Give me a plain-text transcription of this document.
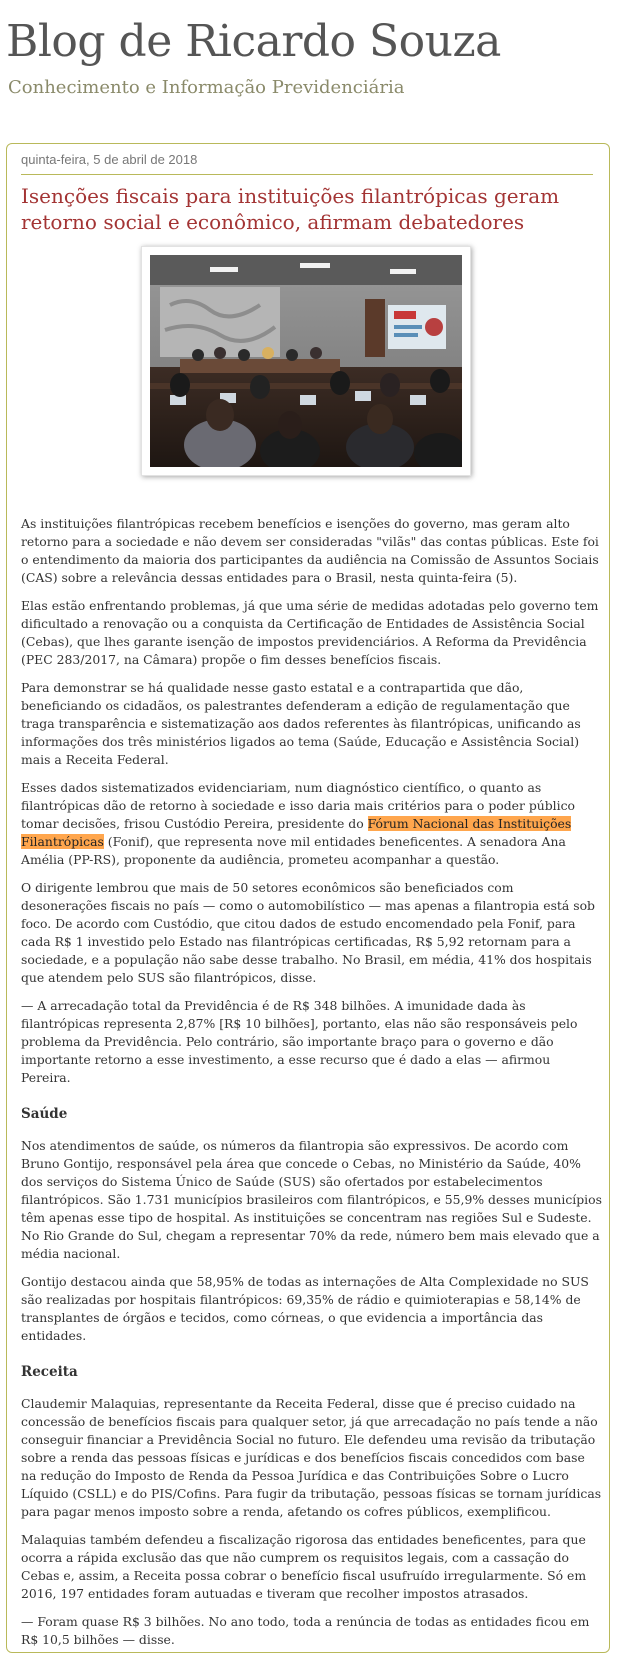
Blog de Ricardo Souza
Conhecimento e Informação Previdenciária
quinta-feira, 5 de abril de 2018
Isenções fiscais para instituições filantrópicas geram retorno social e econômico, afirmam debatedores

As instituições filantrópicas recebem benefícios e isenções do governo, mas geram alto retorno para a sociedade e não devem ser consideradas "vilãs" das contas públicas. Este foi o entendimento da maioria dos participantes da audiência na Comissão de Assuntos Sociais (CAS) sobre a relevância dessas entidades para o Brasil, nesta quinta-feira (5).

Elas estão enfrentando problemas, já que uma série de medidas adotadas pelo governo tem dificultado a renovação ou a conquista da Certificação de Entidades de Assistência Social (Cebas), que lhes garante isenção de impostos previdenciários. A Reforma da Previdência (PEC 283/2017, na Câmara) propõe o fim desses benefícios fiscais.

Para demonstrar se há qualidade nesse gasto estatal e a contrapartida que dão, beneficiando os cidadãos, os palestrantes defenderam a edição de regulamentação que traga transparência e sistematização aos dados referentes às filantrópicas, unificando as informações dos três ministérios ligados ao tema (Saúde, Educação e Assistência Social) mais a Receita Federal.

Esses dados sistematizados evidenciariam, num diagnóstico científico, o quanto as filantrópicas dão de retorno à sociedade e isso daria mais critérios para o poder público tomar decisões, frisou Custódio Pereira, presidente do Fórum Nacional das Instituições Filantrópicas (Fonif), que representa nove mil entidades beneficentes. A senadora Ana Amélia (PP-RS), proponente da audiência, prometeu acompanhar a questão.

O dirigente lembrou que mais de 50 setores econômicos são beneficiados com desonerações fiscais no país — como o automobilístico — mas apenas a filantropia está sob foco. De acordo com Custódio, que citou dados de estudo encomendado pela Fonif, para cada R$ 1 investido pelo Estado nas filantrópicas certificadas, R$ 5,92 retornam para a sociedade, e a população não sabe desse trabalho. No Brasil, em média, 41% dos hospitais que atendem pelo SUS são filantrópicos, disse.

— A arrecadação total da Previdência é de R$ 348 bilhões. A imunidade dada às filantrópicas representa 2,87% [R$ 10 bilhões], portanto, elas não são responsáveis pelo problema da Previdência. Pelo contrário, são importante braço para o governo e dão importante retorno a esse investimento, a esse recurso que é dado a elas — afirmou Pereira.

Saúde

Nos atendimentos de saúde, os números da filantropia são expressivos. De acordo com Bruno Gontijo, responsável pela área que concede o Cebas, no Ministério da Saúde, 40% dos serviços do Sistema Único de Saúde (SUS) são ofertados por estabelecimentos filantrópicos. São 1.731 municípios brasileiros com filantrópicos, e 55,9% desses municípios têm apenas esse tipo de hospital. As instituições se concentram nas regiões Sul e Sudeste. No Rio Grande do Sul, chegam a representar 70% da rede, número bem mais elevado que a média nacional.

Gontijo destacou ainda que 58,95% de todas as internações de Alta Complexidade no SUS são realizadas por hospitais filantrópicos: 69,35% de rádio e quimioterapias e 58,14% de transplantes de órgãos e tecidos, como córneas, o que evidencia a importância das entidades.

Receita

Claudemir Malaquias, representante da Receita Federal, disse que é preciso cuidado na concessão de benefícios fiscais para qualquer setor, já que arrecadação no país tende a não conseguir financiar a Previdência Social no futuro. Ele defendeu uma revisão da tributação sobre a renda das pessoas físicas e jurídicas e dos benefícios fiscais concedidos com base na redução do Imposto de Renda da Pessoa Jurídica e das Contribuições Sobre o Lucro Líquido (CSLL) e do PIS/Cofins. Para fugir da tributação, pessoas físicas se tornam jurídicas para pagar menos imposto sobre a renda, afetando os cofres públicos, exemplificou.

Malaquias também defendeu a fiscalização rigorosa das entidades beneficentes, para que ocorra a rápida exclusão das que não cumprem os requisitos legais, com a cassação do Cebas e, assim, a Receita possa cobrar o benefício fiscal usufruído irregularmente. Só em 2016, 197 entidades foram autuadas e tiveram que recolher impostos atrasados.

— Foram quase R$ 3 bilhões. No ano todo, toda a renúncia de todas as entidades ficou em R$ 10,5 bilhões — disse.
